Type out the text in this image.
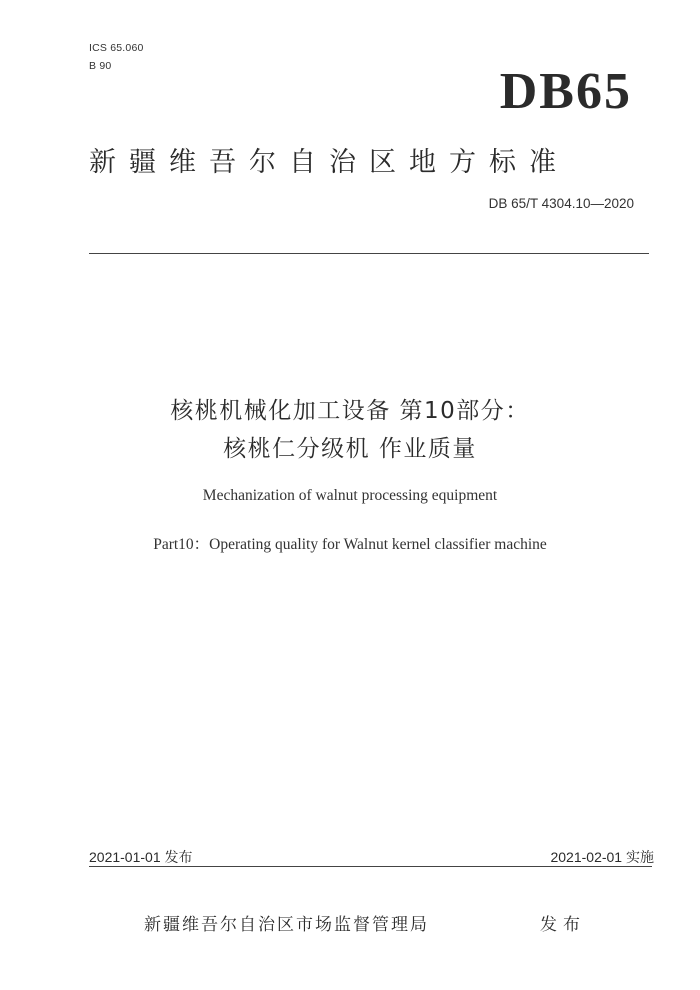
ICS 65.060
B 90	DB65
新疆维吾尔自治区地方标准
DB 65/T 4304.10—2020
核桃机械化加工设备 第10部分：
核桃仁分级机 作业质量
Mechanization of walnut processing equipment
Part10：Operating quality for Walnut kernel classifier machine
2021-01-01 发布	2021-02-01 实施
新疆维吾尔自治区市场监督管理局	发布
